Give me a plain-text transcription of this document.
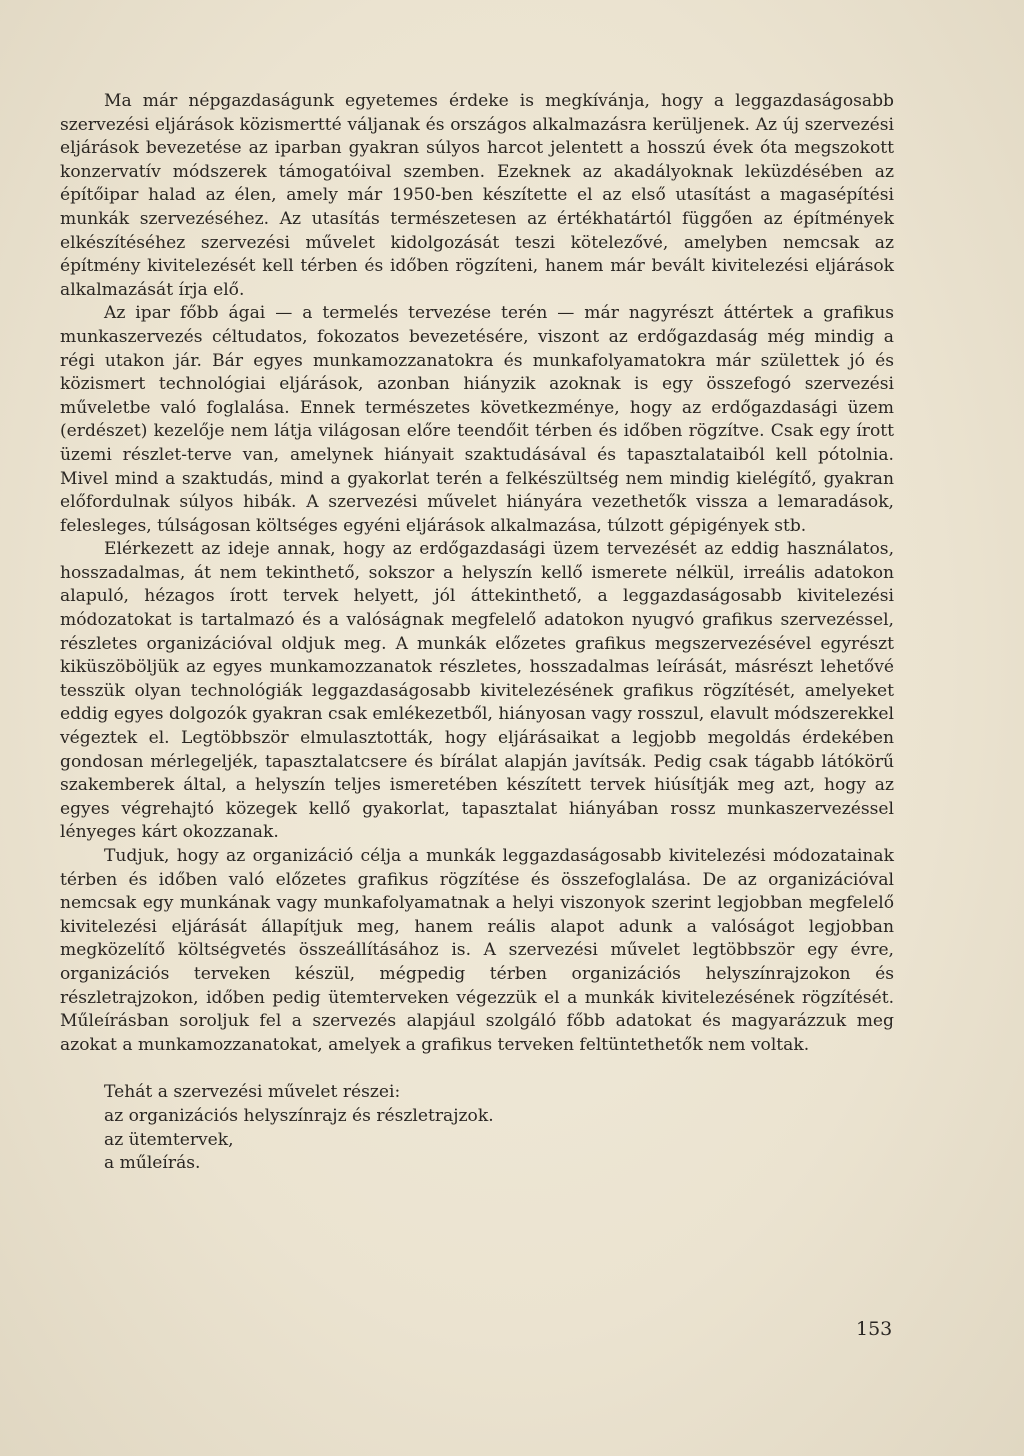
Ma már népgazdaságunk egyetemes érdeke is megkívánja, hogy a leggazdaságosabb szervezési eljárások közismertté váljanak és országos alkalmazásra kerüljenek. Az új szervezési eljárások bevezetése az iparban gyakran súlyos harcot jelentett a hosszú évek óta megszokott konzervatív módszerek támogatóival szemben. Ezeknek az akadályoknak leküzdésében az építőipar halad az élen, amely már 1950-ben készítette el az első utasítást a magasépítési munkák szervezéséhez. Az utasítás természetesen az értékhatártól függően az építmények elkészítéséhez szervezési művelet kidolgozását teszi kötelezővé, amelyben nemcsak az építmény kivitelezését kell térben és időben rögzíteni, hanem már bevált kivitelezési eljárások alkalmazását írja elő.

Az ipar főbb ágai — a termelés tervezése terén — már nagyrészt áttértek a grafikus munkaszervezés céltudatos, fokozatos bevezetésére, viszont az erdőgazdaság még mindig a régi utakon jár. Bár egyes munkamozzanatokra és munkafolyamatokra már születtek jó és közismert technológiai eljárások, azonban hiányzik azoknak is egy összefogó szervezési műveletbe való foglalása. Ennek természetes következménye, hogy az erdőgazdasági üzem (erdészet) kezelője nem látja világosan előre teendőit térben és időben rögzítve. Csak egy írott üzemi részlet-terve van, amelynek hiányait szaktudásával és tapasztalataiból kell pótolnia. Mivel mind a szaktudás, mind a gyakorlat terén a felkészültség nem mindig kielégítő, gyakran előfordulnak súlyos hibák. A szervezési művelet hiányára vezethetők vissza a lemaradások, felesleges, túlságosan költséges egyéni eljárások alkalmazása, túlzott gépigények stb.

Elérkezett az ideje annak, hogy az erdőgazdasági üzem tervezését az eddig használatos, hosszadalmas, át nem tekinthető, sokszor a helyszín kellő ismerete nélkül, irreális adatokon alapuló, hézagos írott tervek helyett, jól áttekinthető, a leggazdaságosabb kivitelezési módozatokat is tartalmazó és a valóságnak megfelelő adatokon nyugvó grafikus szervezéssel, részletes organizációval oldjuk meg. A munkák előzetes grafikus megszervezésével egyrészt kiküszöböljük az egyes munkamozzanatok részletes, hosszadalmas leírását, másrészt lehetővé tesszük olyan technológiák leggazdaságosabb kivitelezésének grafikus rögzítését, amelyeket eddig egyes dolgozók gyakran csak emlékezetből, hiányosan vagy rosszul, elavult módszerekkel végeztek el. Legtöbbször elmulasztották, hogy eljárásaikat a legjobb megoldás érdekében gondosan mérlegeljék, tapasztalatcsere és bírálat alapján javítsák. Pedig csak tágabb látókörű szakemberek által, a helyszín teljes ismeretében készített tervek hiúsítják meg azt, hogy az egyes végrehajtó közegek kellő gyakorlat, tapasztalat hiányában rossz munkaszervezéssel lényeges kárt okozzanak.

Tudjuk, hogy az organizáció célja a munkák leggazdaságosabb kivitelezési módozatainak térben és időben való előzetes grafikus rögzítése és összefoglalása. De az organizációval nemcsak egy munkának vagy munkafolyamatnak a helyi viszonyok szerint legjobban megfelelő kivitelezési eljárását állapítjuk meg, hanem reális alapot adunk a valóságot legjobban megközelítő költségvetés összeállításához is. A szervezési művelet legtöbbször egy évre, organizációs terveken készül, mégpedig térben organizációs helyszínrajzokon és részletrajzokon, időben pedig ütemterveken végezzük el a munkák kivitelezésének rögzítését. Műleírásban soroljuk fel a szervezés alapjául szolgáló főbb adatokat és magyarázzuk meg azokat a munkamozzanatokat, amelyek a grafikus terveken feltüntethetők nem voltak.

Tehát a szervezési művelet részei:
az organizációs helyszínrajz és részletrajzok.
az ütemtervek,
a műleírás.
153
